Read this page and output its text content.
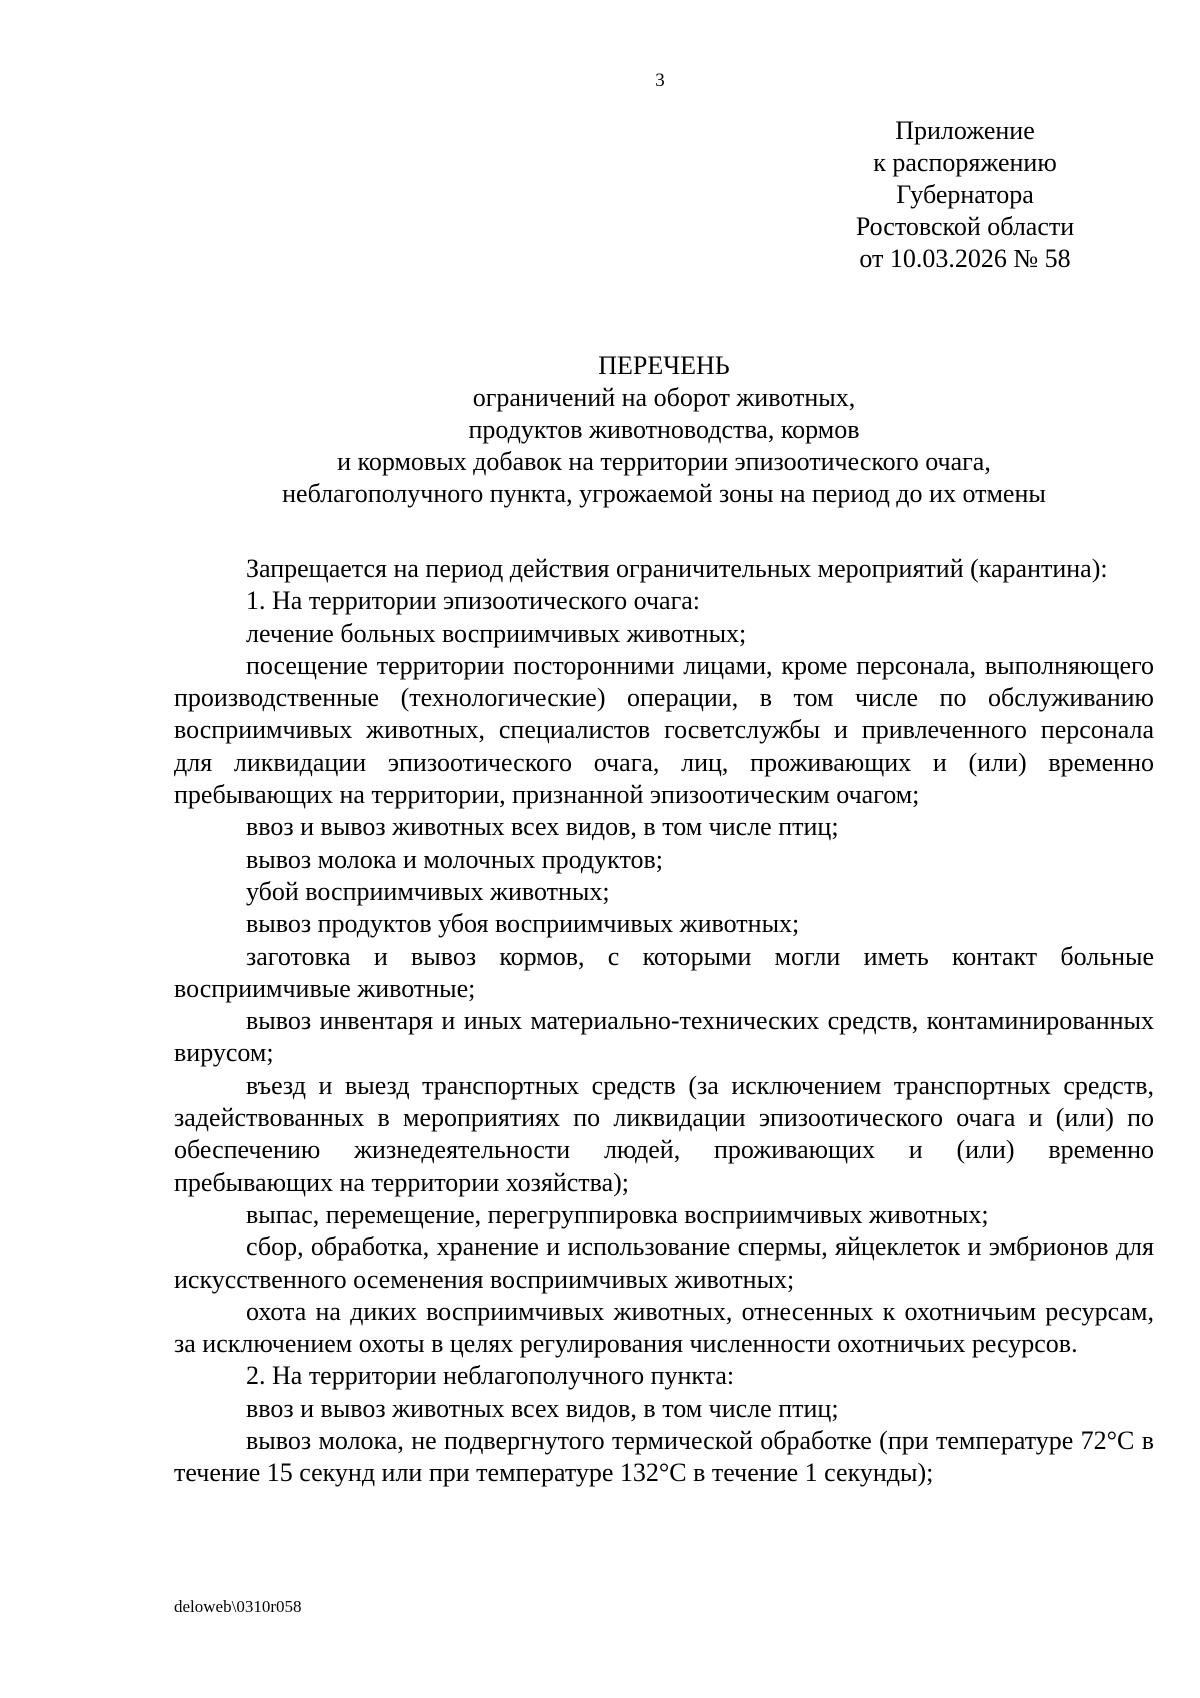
3
Приложение
к распоряжению
Губернатора
Ростовской области
от 10.03.2026 № 58
ПЕРЕЧЕНЬ
ограничений на оборот животных,
продуктов животноводства, кормов
и кормовых добавок на территории эпизоотического очага,
неблагополучного пункта, угрожаемой зоны на период до их отмены

Запрещается на период действия ограничительных мероприятий (карантина):

1. На территории эпизоотического очага:

лечение больных восприимчивых животных;

посещение территории посторонними лицами, кроме персонала, выполняющего производственные (технологические) операции, в том числе по обслуживанию восприимчивых животных, специалистов госветслужбы и привлеченного персонала для ликвидации эпизоотического очага, лиц, проживающих и (или) временно пребывающих на территории, признанной эпизоотическим очагом;

ввоз и вывоз животных всех видов, в том числе птиц;

вывоз молока и молочных продуктов;

убой восприимчивых животных;

вывоз продуктов убоя восприимчивых животных;

заготовка и вывоз кормов, с которыми могли иметь контакт больные восприимчивые животные;

вывоз инвентаря и иных материально-технических средств, контаминированных вирусом;

въезд и выезд транспортных средств (за исключением транспортных средств, задействованных в мероприятиях по ликвидации эпизоотического очага и (или) по обеспечению жизнедеятельности людей, проживающих и (или) временно пребывающих на территории хозяйства);

выпас, перемещение, перегруппировка восприимчивых животных;

сбор, обработка, хранение и использование спермы, яйцеклеток и эмбрионов для искусственного осеменения восприимчивых животных;

охота на диких восприимчивых животных, отнесенных к охотничьим ресурсам, за исключением охоты в целях регулирования численности охотничьих ресурсов.

2. На территории неблагополучного пункта:

ввоз и вывоз животных всех видов, в том числе птиц;

вывоз молока, не подвергнутого термической обработке (при температуре 72°C в течение 15 секунд или при температуре 132°C в течение 1 секунды);

deloweb\0310r058
